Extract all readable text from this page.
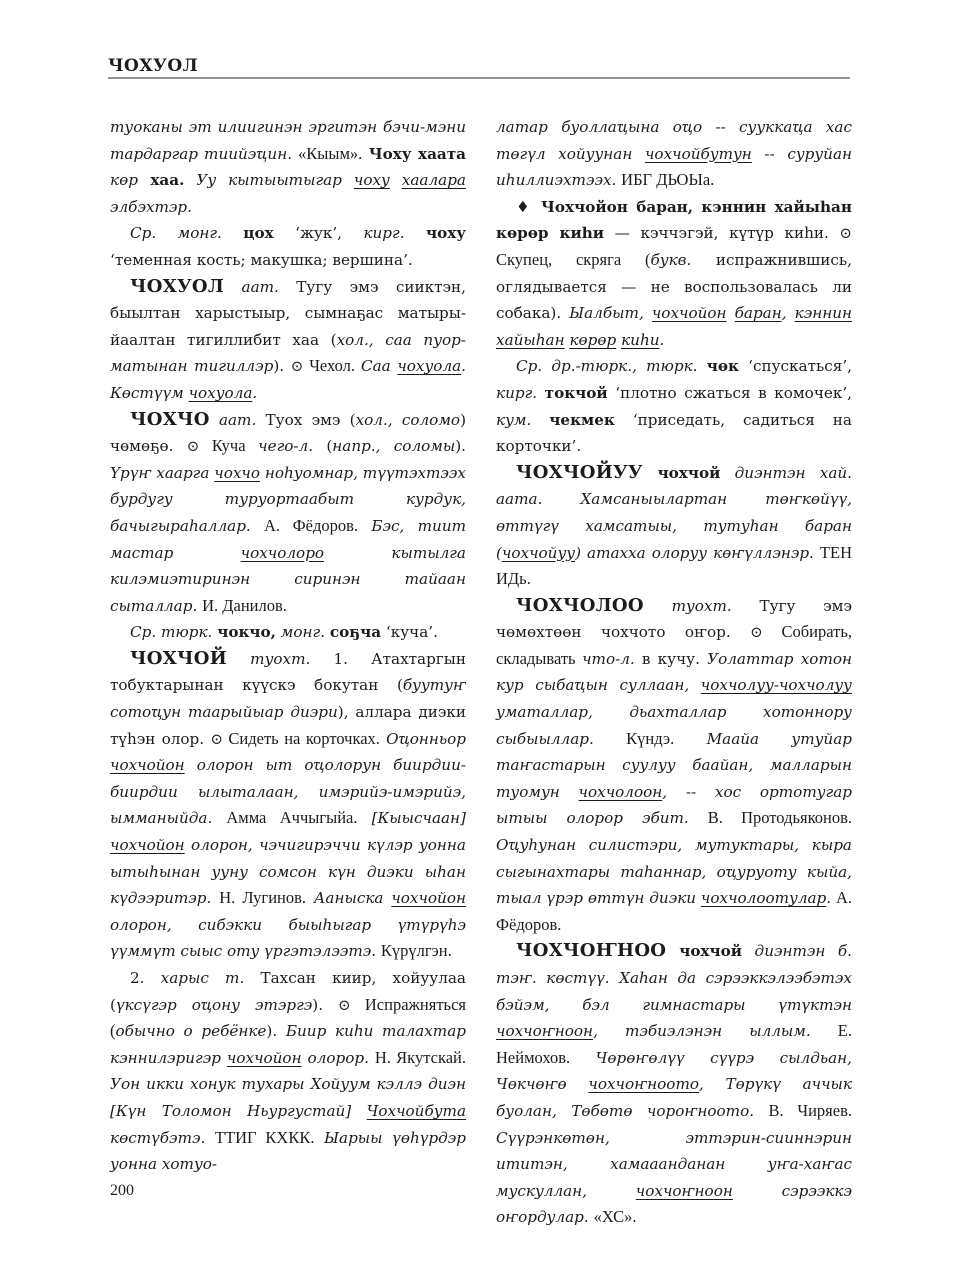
ЧОХУОЛ

туоканы эт илиигинэн эргитэн бэчи-мэни тардаргар тиийэҵин. «Кыым». Чоху хаата көр хаа. Уу кытыытыгар чоху хаалара элбэхтэр.

Ср. монг. цох ‘жук’, кирг. чоху ‘теменная кость; макушка; вершина’.

ЧОХУОЛ аат. Тугу эмэ сииктэн, быылтан харыстыыр, сымнаҕас матыры-йаалтан тигиллибит хаа (хол., саа пуор-матынан тигиллэр). ⊙ Чехол. Саа чохуола. Көстүүм чохуола.

ЧОХЧО аат. Туох эмэ (хол., соломо) чөмөҕө. ⊙ Куча чего-л. (напр., соломы). Үрүҥ хаарга чохчо ноһуомнар, түүтэхтээх бурдугу туруортаабыт курдук, бачыгыраһаллар. А. Фёдоров. Бэс, тиит мастар чохчолоро кытылга килэмиэтиринэн сиринэн тайаан сыталлар. И. Данилов.

Ср. тюрк. чокчо, монг. соҕча ‘куча’.

ЧОХЧОЙ туохт. 1. Атахтаргын тобуктарынан күүскэ бокутан (буутуҥ сотоҵун таарыйыар диэри), аллара диэки түһэн олор. ⊙ Сидеть на корточках. Оҵонньор чохчойон олорон ыт оҵолорун биирдии-биирдии ылыталаан, имэрийэ-имэрийэ, ымманыйда. Амма Аччыгыйа. [Кыысчаан] чохчойон олорон, чэчигирэччи күлэр уонна ытыһынан ууну сомсон күн диэки ыһан күдээритэр. Н. Лугинов. Ааныска чохчойон олорон, сибэкки быыһыгар үтүрүһэ үүммүт сыыс оту үргэтэлээтэ. Күрүлгэн.

2. харыс т. Тахсан киир, хойуулаа (үксүгэр оҵону этэргэ). ⊙ Испражняться (обычно о ребёнке). Биир киһи талахтар кэннилэригэр чохчойон олорор. Н. Якутскай. Уон икки хонук тухары Хойуум кэллэ диэн [Күн Толомон Ньургустай] Чохчойбута көстүбэтэ. ТТИГ КХКК. Ыарыы үөһүрдэр уонна хотуо-

латар буоллаҵына оҵо -- сууккаҵа хас төгүл хойуунан чохчойбутун -- суруйан иһиллиэхтээх. ИБГ ДЬОЫа.

♦ Чохчойон баран, кэннин хайыһан көрөр киһи — кэччэгэй, күтүр киһи. ⊙ Скупец, скряга (букв. испражнившись, оглядывается — не воспользовалась ли собака). Ыалбыт, чохчойон баран, кэннин хайыһан көрөр киһи.

Ср. др.-тюрк., тюрк. чөк ‘спускаться’, кирг. токчой ‘плотно сжаться в комочек’, кум. чекмек ‘приседать, садиться на корточки’.

ЧОХЧОЙУУ чохчой диэнтэн хай. аата. Хамсаныылартан төҥкөйүү, өттүгү хамсатыы, тутуһан баран (чохчойуу) атахха олоруу көҥүллэнэр. ТЕН ИДь.

ЧОХЧОЛОО туохт. Тугу эмэ чөмөхтөөн чохчото оҥор. ⊙ Собирать, складывать что-л. в кучу. Уолаттар хотон кур сыбаҵын суллаан, чохчолуу-чохчолуу уматаллар, дьахталлар хотоннору сыбыыллар. Күндэ. Маайа утуйар таҥастарын суулуу баайан, малларын туомун чохчолоон, -- хос ортотугар ытыы олорор эбит. В. Протодьяконов. Оҵуһунан силистэри, мутуктары, кыра сыгынахтары таһаннар, оҵуруоту кыйа, тыал үрэр өттүн диэки чохчолоотулар. А. Фёдоров.

ЧОХЧОҤНОО чохчой диэнтэн б. тэҥ. көстүү. Хаһан да сэрээккэлээбэтэх бэйэм, бэл гимнастары үтүктэн чохчоҥноон, тэбиэлэнэн ыллым. Е. Неймохов. Чөрөҥөлүү сүүрэ сылдьан, Чөкчөҥө чохчоҥноото, Төрүкү аччык буолан, Төбөтө чороҥноото. В. Чиряев. Сүүрэнкөтөн, эттэрин-сииннэрин ититэн, хамааанданан уҥа-хаҥас мускуллан, чохчоҥноон сэрээккэ оҥордулар. «ХС».

200
